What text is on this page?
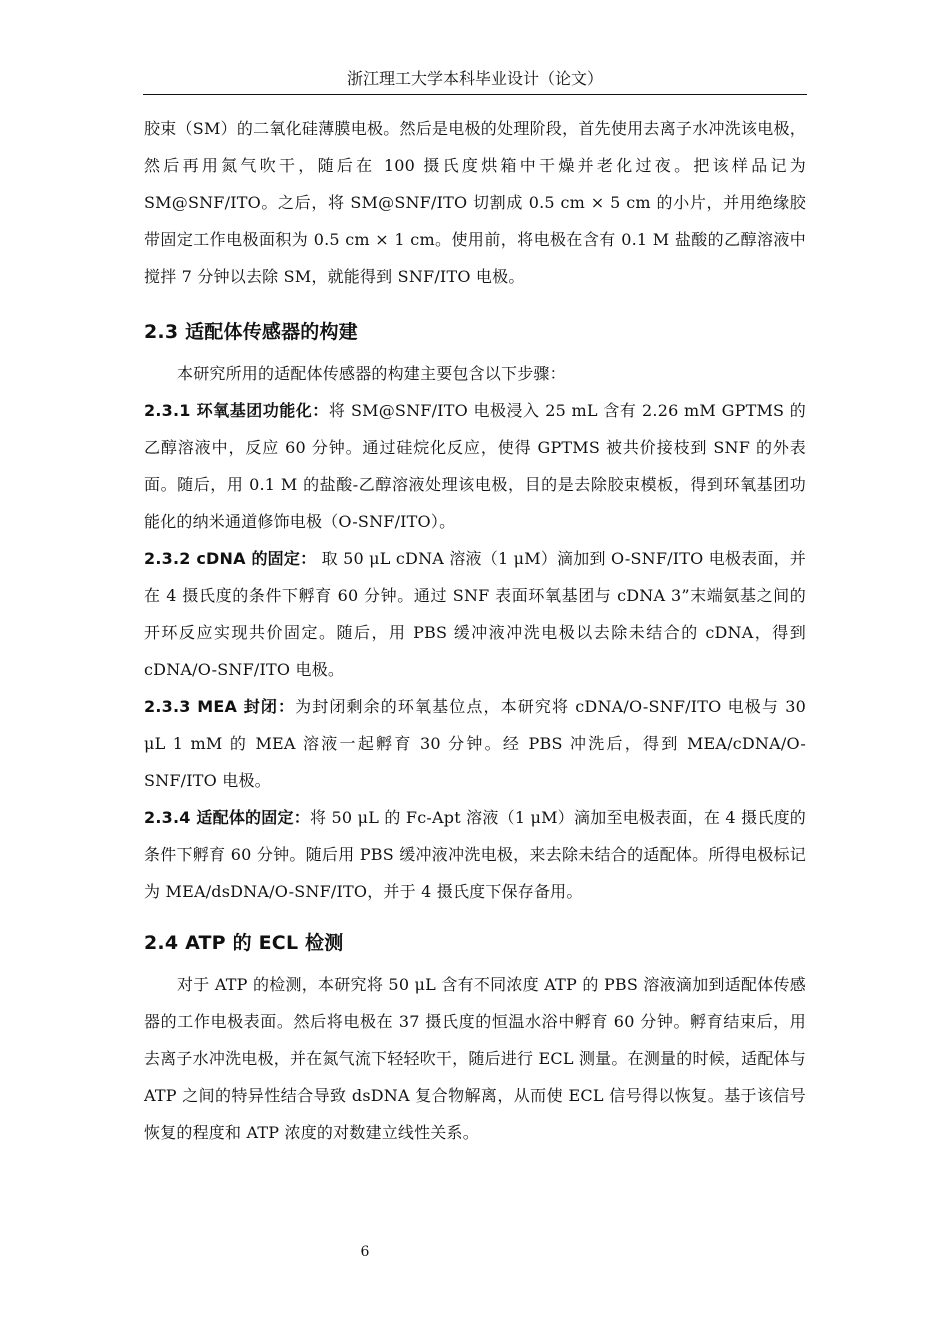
浙江理工大学本科毕业设计（论文）

胶束（SM）的二氧化硅薄膜电极。然后是电极的处理阶段，首先使用去离子水冲洗该电极，然后再用氮气吹干，随后在 100 摄氏度烘箱中干燥并老化过夜。把该样品记为SM@SNF/ITO。之后，将 SM@SNF/ITO 切割成 0.5 cm × 5 cm 的小片，并用绝缘胶带固定工作电极面积为 0.5 cm × 1 cm。使用前，将电极在含有 0.1 M 盐酸的乙醇溶液中搅拌 7 分钟以去除 SM，就能得到 SNF/ITO 电极。

2.3 适配体传感器的构建

本研究所用的适配体传感器的构建主要包含以下步骤：

2.3.1 环氧基团功能化：将 SM@SNF/ITO 电极浸入 25 mL 含有 2.26 mM GPTMS 的乙醇溶液中，反应 60 分钟。通过硅烷化反应，使得 GPTMS 被共价接枝到 SNF 的外表面。随后，用 0.1 M 的盐酸-乙醇溶液处理该电极，目的是去除胶束模板，得到环氧基团功能化的纳米通道修饰电极（O-SNF/ITO）。

2.3.2 cDNA 的固定： 取 50 μL cDNA 溶液（1 μM）滴加到 O-SNF/ITO 电极表面，并在 4 摄氏度的条件下孵育 60 分钟。通过 SNF 表面环氧基团与 cDNA 3”末端氨基之间的开环反应实现共价固定。随后，用 PBS 缓冲液冲洗电极以去除未结合的 cDNA，得到 cDNA/O-SNF/ITO 电极。

2.3.3 MEA 封闭：为封闭剩余的环氧基位点，本研究将 cDNA/O-SNF/ITO 电极与 30 μL 1 mM 的 MEA 溶液一起孵育 30 分钟。经 PBS 冲洗后，得到 MEA/cDNA/O-SNF/ITO 电极。

2.3.4 适配体的固定：将 50 μL 的 Fc-Apt 溶液（1 μM）滴加至电极表面，在 4 摄氏度的条件下孵育 60 分钟。随后用 PBS 缓冲液冲洗电极，来去除未结合的适配体。所得电极标记为 MEA/dsDNA/O-SNF/ITO，并于 4 摄氏度下保存备用。

2.4 ATP 的 ECL 检测

对于 ATP 的检测，本研究将 50 μL 含有不同浓度 ATP 的 PBS 溶液滴加到适配体传感器的工作电极表面。然后将电极在 37 摄氏度的恒温水浴中孵育 60 分钟。孵育结束后，用去离子水冲洗电极，并在氮气流下轻轻吹干，随后进行 ECL 测量。在测量的时候，适配体与 ATP 之间的特异性结合导致 dsDNA 复合物解离，从而使 ECL 信号得以恢复。基于该信号恢复的程度和 ATP 浓度的对数建立线性关系。

6
